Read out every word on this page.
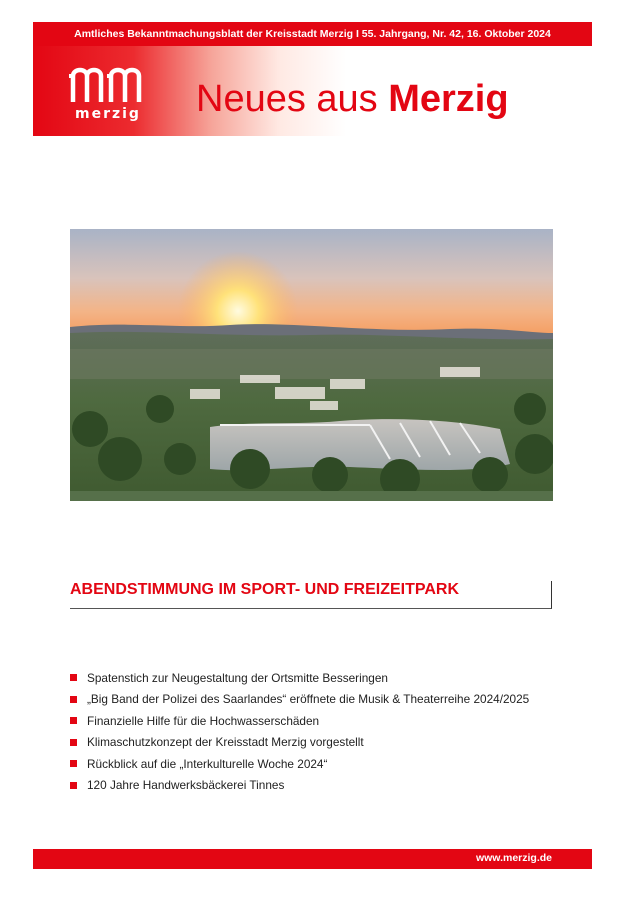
Amtliches Bekanntmachungsblatt der Kreisstadt Merzig I 55. Jahrgang, Nr. 42, 16. Oktober 2024
merzig Neues aus Merzig
ABENDSTIMMUNG IM SPORT- UND FREIZEITPARK
Spatenstich zur Neugestaltung der Ortsmitte Besseringen
„Big Band der Polizei des Saarlandes“ eröffnete die Musik & Theaterreihe 2024/2025
Finanzielle Hilfe für die Hochwasserschäden
Klimaschutzkonzept der Kreisstadt Merzig vorgestellt
Rückblick auf die „Interkulturelle Woche 2024“
120 Jahre Handwerksbäckerei Tinnes
www.merzig.de
